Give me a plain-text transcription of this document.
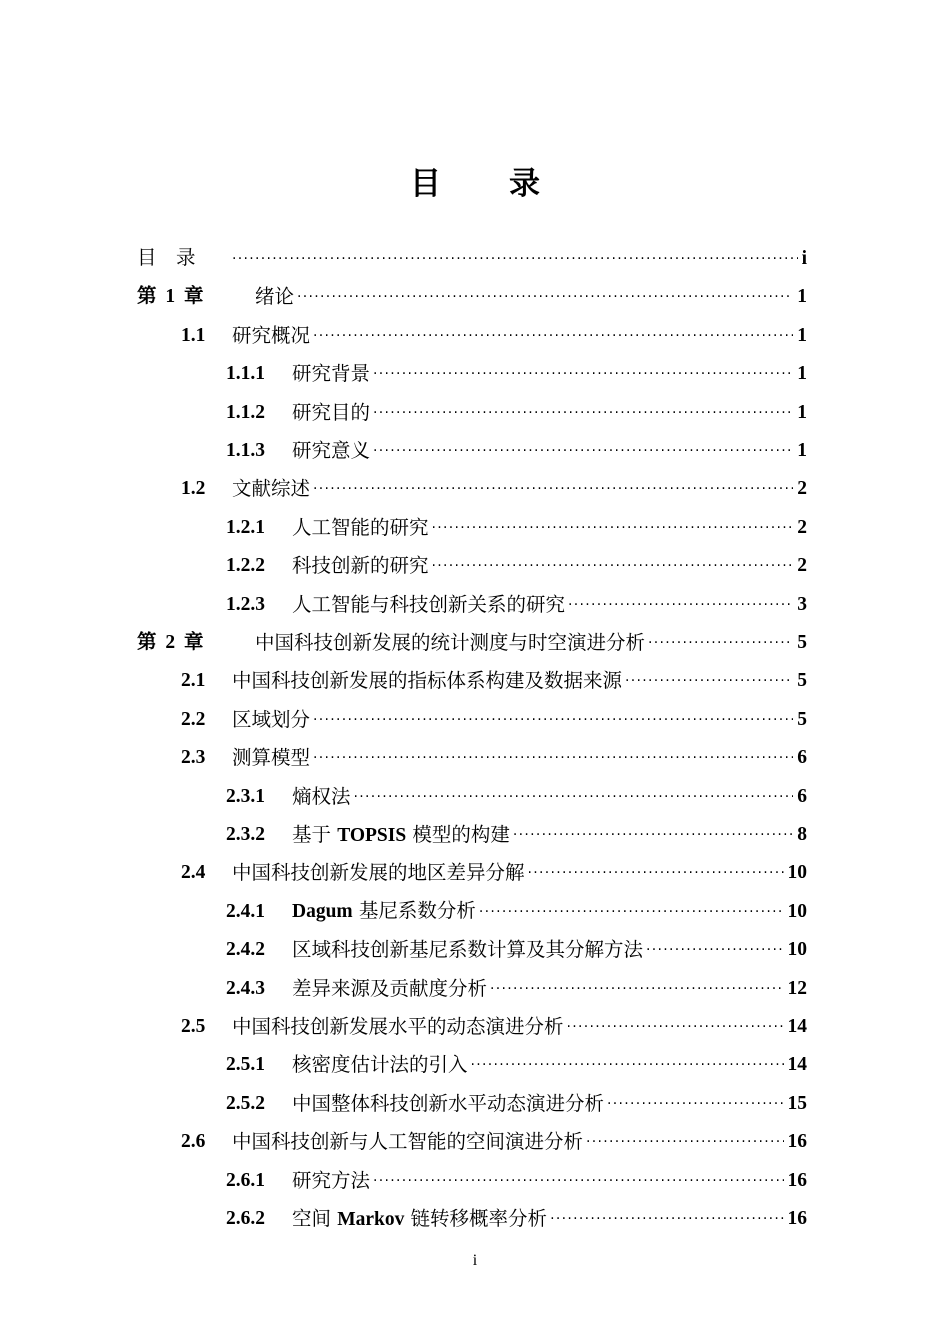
目录
目    录 ·····	i
第 1 章	绪论 ·····	1
1.1	研究概况 ·····	1
1.1.1	研究背景 ·····	1
1.1.2	研究目的 ·····	1
1.1.3	研究意义 ·····	1
1.2	文献综述 ·····	2
1.2.1	人工智能的研究 ·····	2
1.2.2	科技创新的研究 ·····	2
1.2.3	人工智能与科技创新关系的研究 ·····	3
第 2 章	中国科技创新发展的统计测度与时空演进分析 ·····	5
2.1	中国科技创新发展的指标体系构建及数据来源 ·····	5
2.2	区域划分 ·····	5
2.3	测算模型 ·····	6
2.3.1	熵权法 ·····	6
2.3.2	基于 TOPSIS 模型的构建 ·····	8
2.4	中国科技创新发展的地区差异分解 ·····	10
2.4.1	Dagum 基尼系数分析 ·····	10
2.4.2	区域科技创新基尼系数计算及其分解方法 ·····	10
2.4.3	差异来源及贡献度分析 ·····	12
2.5	中国科技创新发展水平的动态演进分析 ·····	14
2.5.1	核密度估计法的引入 ·····	14
2.5.2	中国整体科技创新水平动态演进分析 ·····	15
2.6	中国科技创新与人工智能的空间演进分析 ·····	16
2.6.1	研究方法 ·····	16
2.6.2	空间 Markov 链转移概率分析 ·····	16
i
